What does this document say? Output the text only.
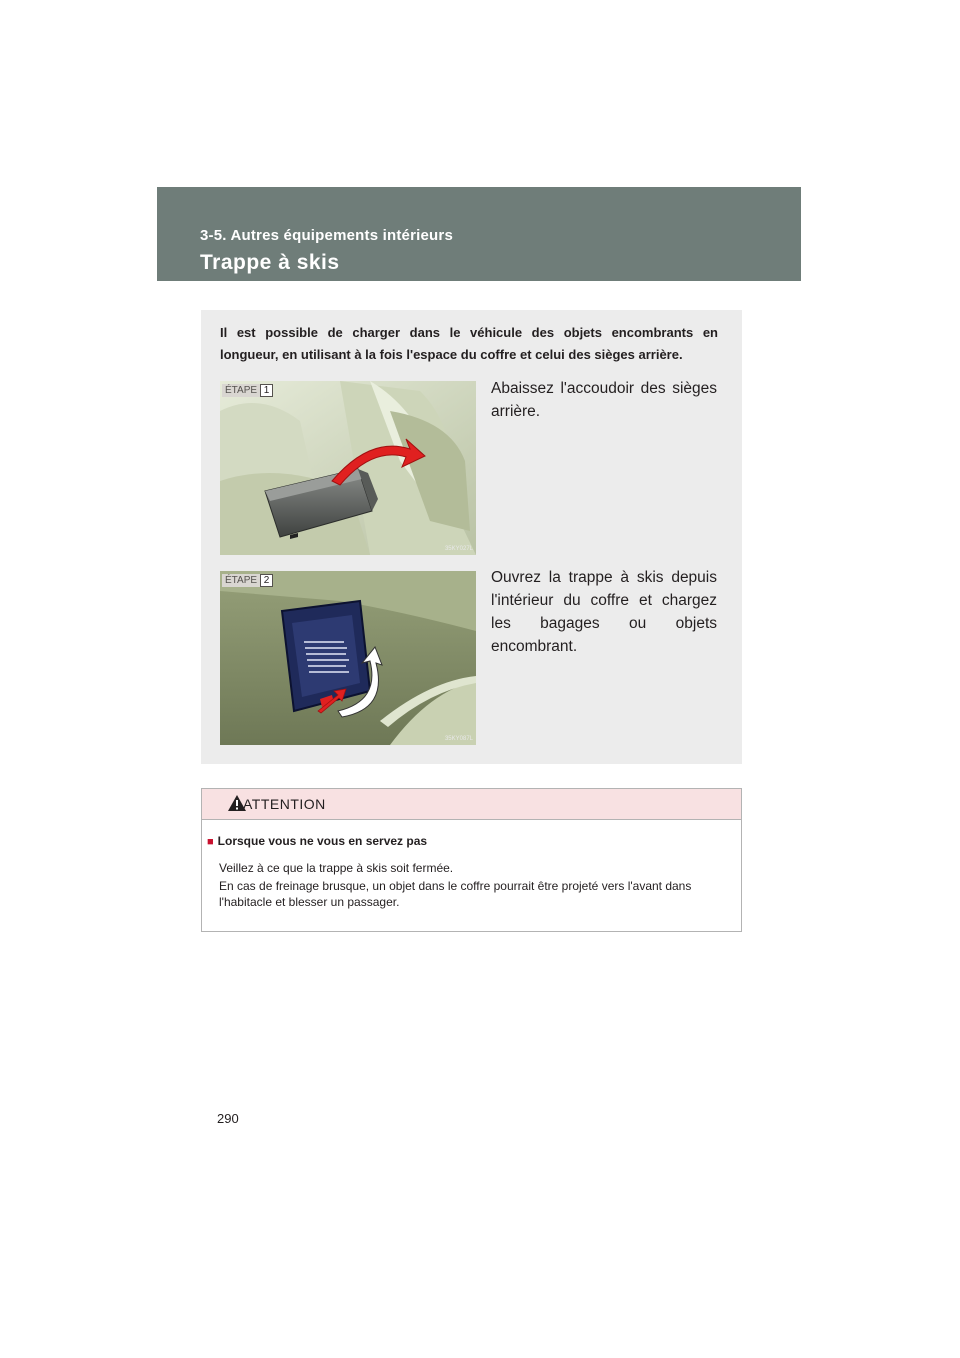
3-5. Autres équipements intérieurs
Trappe à skis
Il est possible de charger dans le véhicule des objets encombrants en
longueur, en utilisant à la fois l'espace du coffre et celui des sièges arrière.
ÉTAPE 1
35KY027L
Abaissez l'accoudoir des sièges arrière.
ÉTAPE 2
35KY087L
Ouvrez la trappe à skis depuis l'intérieur du coffre et chargez les bagages ou objets encombrant.
ATTENTION
■ Lorsque vous ne vous en servez pas
Veillez à ce que la trappe à skis soit fermée.
En cas de freinage brusque, un objet dans le coffre pourrait être projeté vers l'avant dans l'habitacle et blesser un passager.
290
